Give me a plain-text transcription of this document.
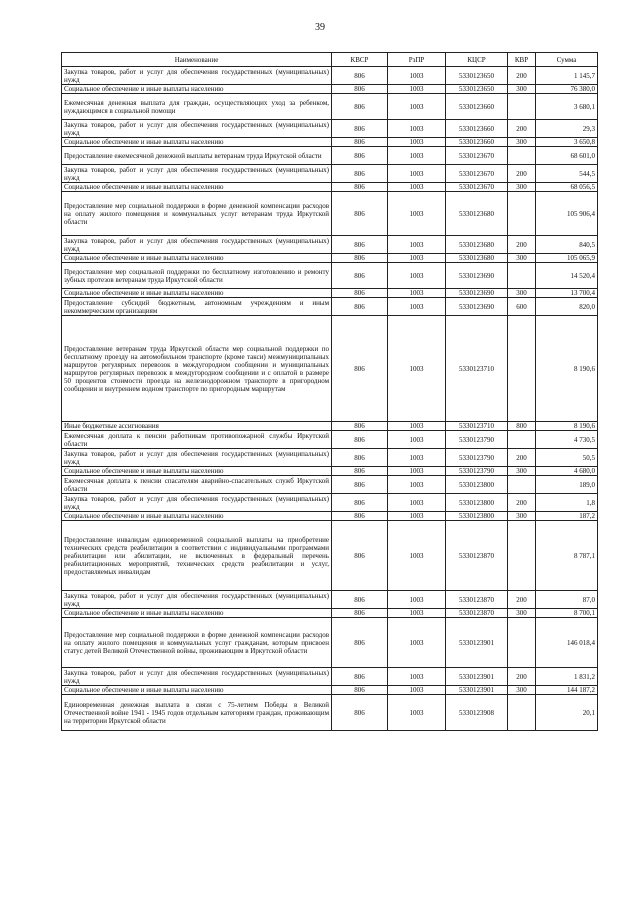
39
Наименование	КВСР	РзПР	КЦСР	КВР	Сумма
Закупка товаров, работ и услуг для обеспечения государственных (муниципальных) нужд	806	1003	5330123650	200	1 145,7
Социальное обеспечение и иные выплаты населению	806	1003	5330123650	300	76 380,0
Ежемесячная денежная выплата для граждан, осуществляющих уход за ребенком, нуждающимся в социальной помощи	806	1003	5330123660		3 680,1
Закупка товаров, работ и услуг для обеспечения государственных (муниципальных) нужд	806	1003	5330123660	200	29,3
Социальное обеспечение и иные выплаты населению	806	1003	5330123660	300	3 650,8
Предоставление ежемесячной денежной выплаты ветеранам труда Иркутской области	806	1003	5330123670		68 601,0
Закупка товаров, работ и услуг для обеспечения государственных (муниципальных) нужд	806	1003	5330123670	200	544,5
Социальное обеспечение и иные выплаты населению	806	1003	5330123670	300	68 056,5
Предоставление мер социальной поддержки в форме денежной компенсации расходов на оплату жилого помещения и коммунальных услуг ветеранам труда Иркутской области	806	1003	5330123680		105 906,4
Закупка товаров, работ и услуг для обеспечения государственных (муниципальных) нужд	806	1003	5330123680	200	840,5
Социальное обеспечение и иные выплаты населению	806	1003	5330123680	300	105 065,9
Предоставление мер социальной поддержки по бесплатному изготовлению и ремонту зубных протезов ветеранам труда Иркутской области	806	1003	5330123690		14 520,4
Социальное обеспечение и иные выплаты населению	806	1003	5330123690	300	13 700,4
Предоставление субсидий бюджетным, автономным учреждениям и иным некоммерческим организациям	806	1003	5330123690	600	820,0
Предоставление ветеранам труда Иркутской области мер социальной поддержки по бесплатному проезду на автомобильном транспорте (кроме такси) межмуниципальных маршрутов регулярных перевозок в междугородном сообщении и муниципальных маршрутов регулярных перевозок в междугородном сообщении и с оплатой в размере 50 процентов стоимости проезда на железнодорожном транспорте в пригородном сообщении и внутреннем водном транспорте по пригородным маршрутам	806	1003	5330123710		8 190,6
Иные бюджетные ассигнования	806	1003	5330123710	800	8 190,6
Ежемесячная доплата к пенсии работникам противопожарной службы Иркутской области	806	1003	5330123790		4 730,5
Закупка товаров, работ и услуг для обеспечения государственных (муниципальных) нужд	806	1003	5330123790	200	50,5
Социальное обеспечение и иные выплаты населению	806	1003	5330123790	300	4 680,0
Ежемесячная доплата к пенсии спасателям аварийно-спасательных служб Иркутской области	806	1003	5330123800		189,0
Закупка товаров, работ и услуг для обеспечения государственных (муниципальных) нужд	806	1003	5330123800	200	1,8
Социальное обеспечение и иные выплаты населению	806	1003	5330123800	300	187,2
Предоставление инвалидам единовременной социальной выплаты на приобретение технических средств реабилитации в соответствии с индивидуальными программами реабилитации или абилитации, не включенных в федеральный перечень реабилитационных мероприятий, технических средств реабилитации и услуг, предоставляемых инвалидам	806	1003	5330123870		8 787,1
Закупка товаров, работ и услуг для обеспечения государственных (муниципальных) нужд	806	1003	5330123870	200	87,0
Социальное обеспечение и иные выплаты населению	806	1003	5330123870	300	8 700,1
Предоставление мер социальной поддержки в форме денежной компенсации расходов на оплату жилого помещения и коммунальных услуг гражданам, которым присвоен статус детей Великой Отечественной войны, проживающим в Иркутской области	806	1003	5330123901		146 018,4
Закупка товаров, работ и услуг для обеспечения государственных (муниципальных) нужд	806	1003	5330123901	200	1 831,2
Социальное обеспечение и иные выплаты населению	806	1003	5330123901	300	144 187,2
Единовременная денежная выплата в связи с 75-летием Победы в Великой Отечественной войне 1941 - 1945 годов отдельным категориям граждан, проживающим на территории Иркутской области	806	1003	5330123908		20,1
